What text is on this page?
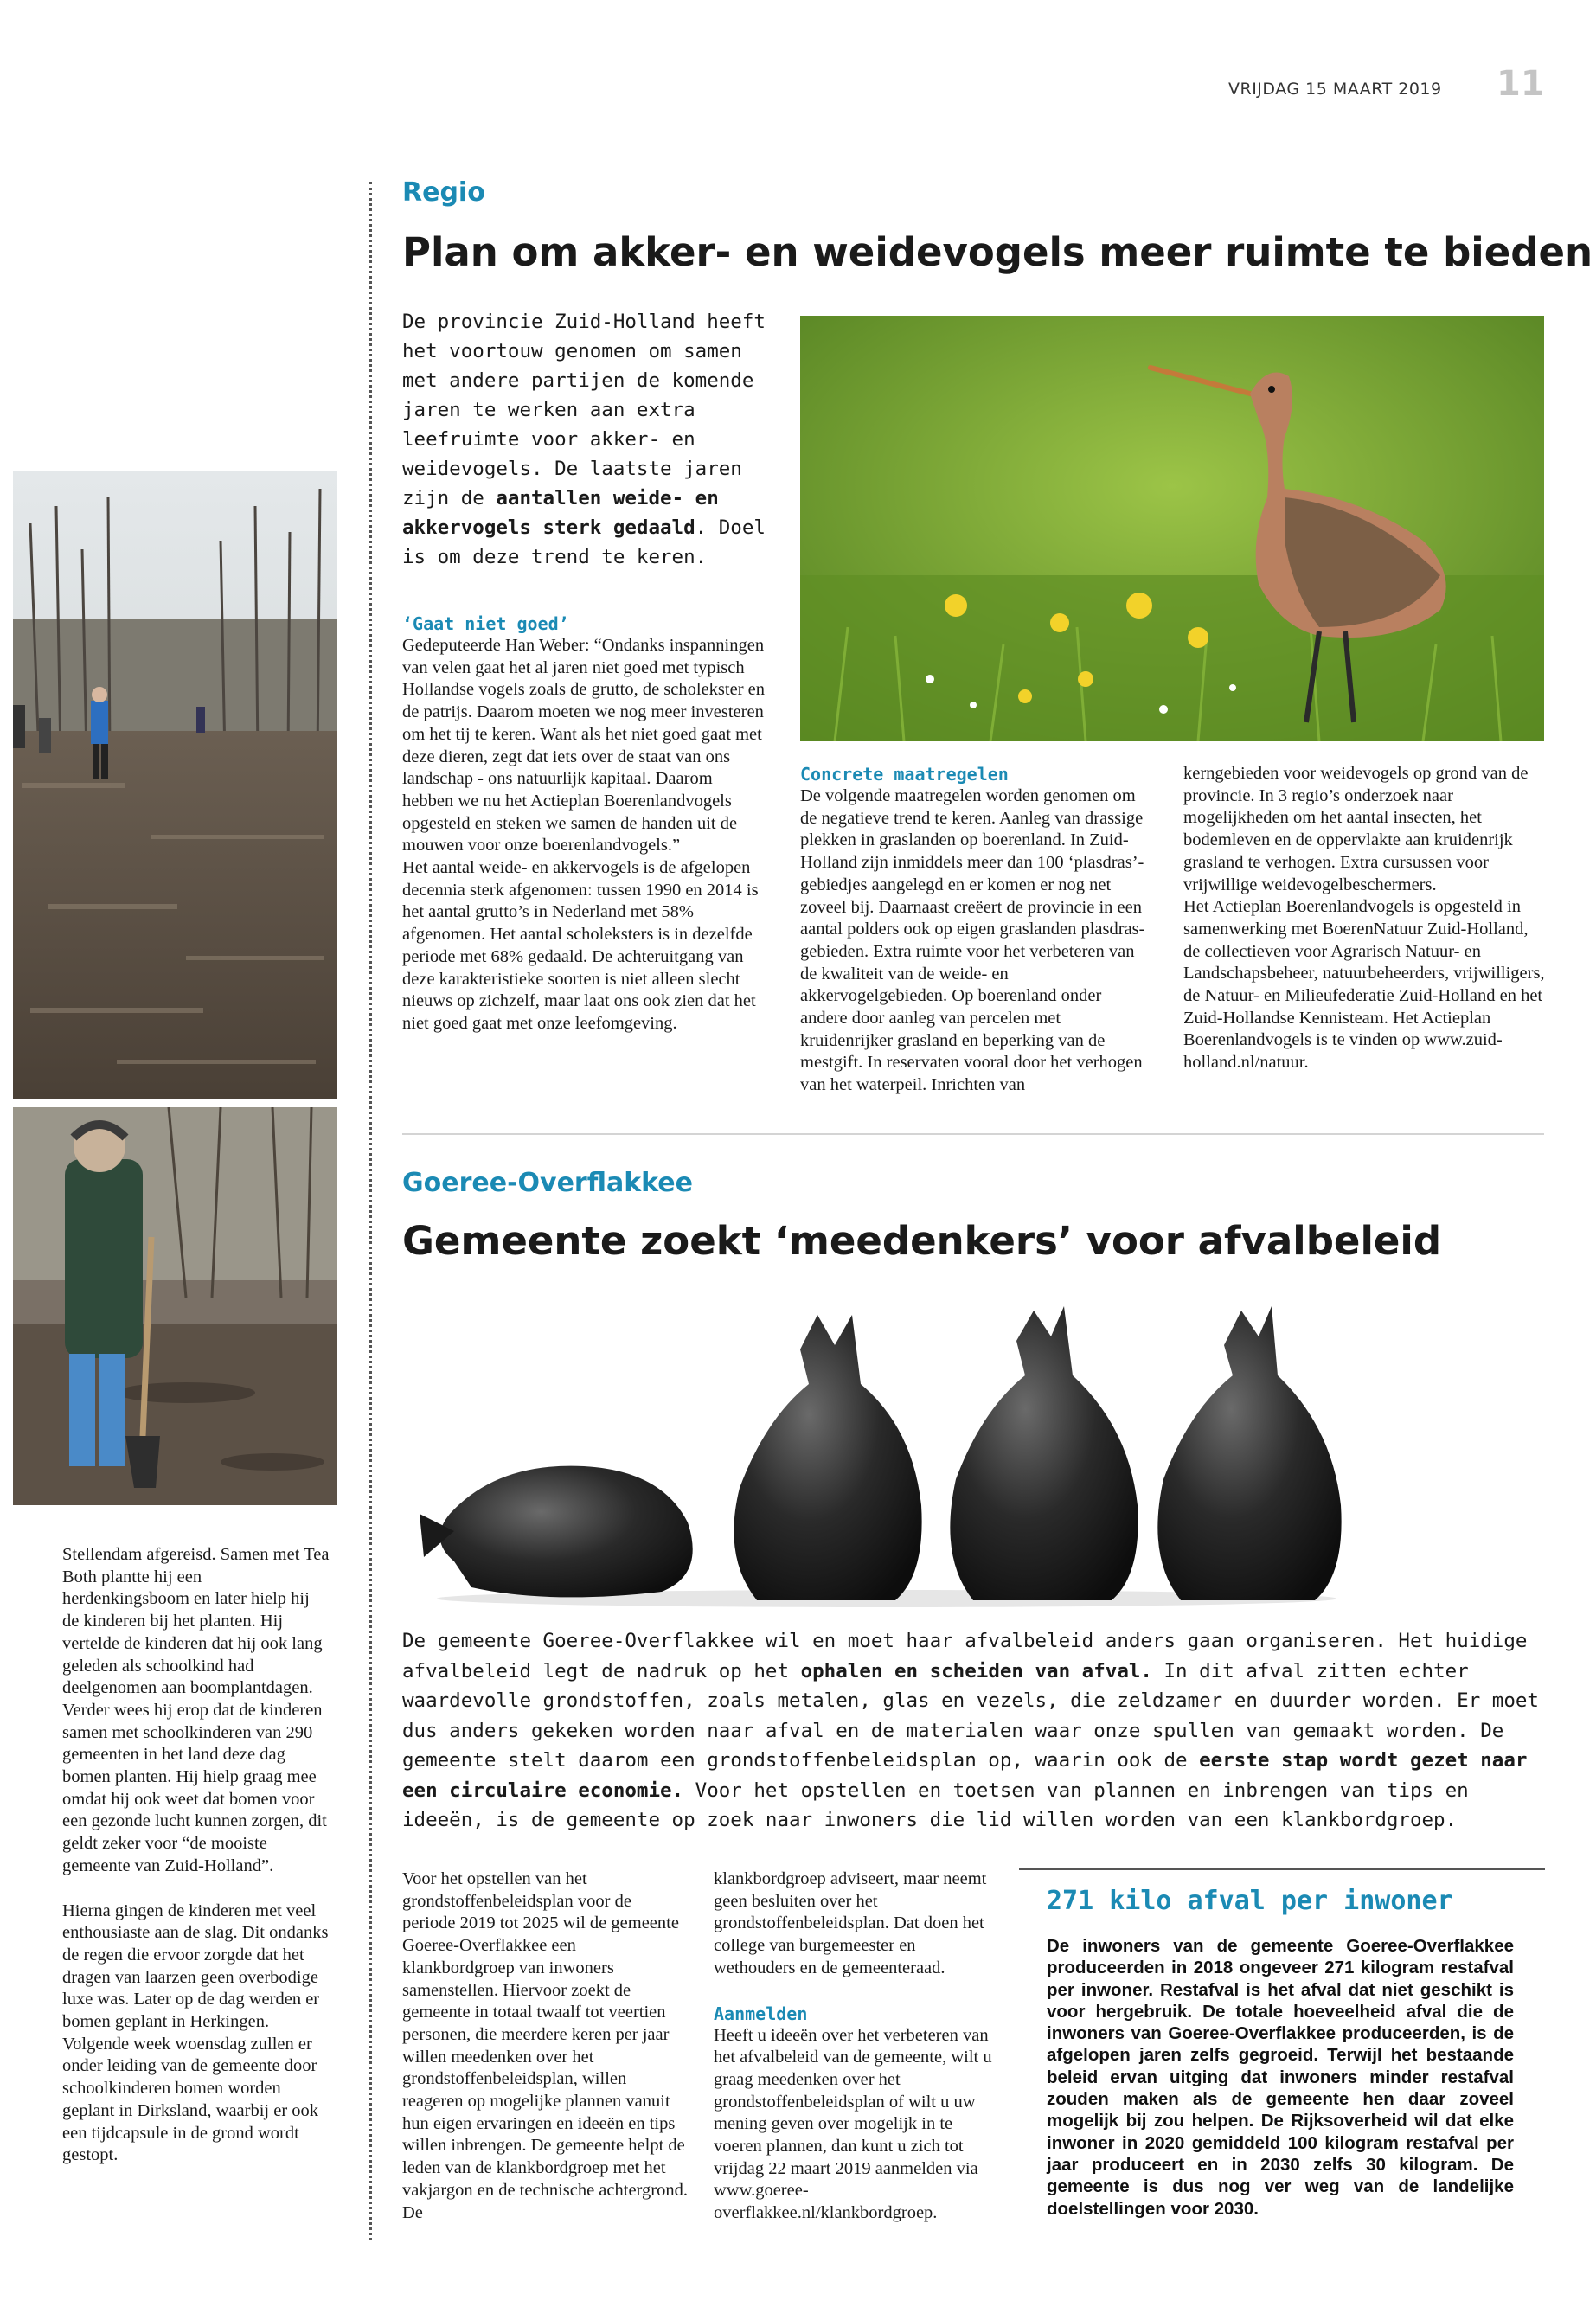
VRIJDAG 15 MAART 2019 11

Stellendam afgereisd. Samen met Tea Both plantte hij een herdenkingsboom en later hielp hij de kinderen bij het planten. Hij vertelde de kinderen dat hij ook lang geleden als schoolkind had deelgenomen aan boomplantdagen. Verder wees hij erop dat de kinderen samen met schoolkinderen van 290 gemeenten in het land deze dag bomen planten. Hij hielp graag mee omdat hij ook weet dat bomen voor een gezonde lucht kunnen zorgen, dit geldt zeker voor “de mooiste gemeente van Zuid-Holland”.

Hierna gingen de kinderen met veel enthousiaste aan de slag. Dit ondanks de regen die ervoor zorgde dat het dragen van laarzen geen overbodige luxe was. Later op de dag werden er bomen geplant in Herkingen. Volgende week woensdag zullen er onder leiding van de gemeente door schoolkinderen bomen worden geplant in Dirksland, waarbij er ook een tijdcapsule in de grond wordt gestopt.

Regio
Plan om akker- en weidevogels meer ruimte te bieden
De provincie Zuid-Holland heeft het voortouw genomen om samen met andere partijen de komende jaren te werken aan extra leefruimte voor akker- en weidevogels. De laatste jaren zijn de aantallen weide- en akkervogels sterk gedaald. Doel is om deze trend te keren.

‘Gaat niet goed’

Gedeputeerde Han Weber: “Ondanks inspanningen van velen gaat het al jaren niet goed met typisch Hollandse vogels zoals de grutto, de scholekster en de patrijs. Daarom moeten we nog meer investeren om het tij te keren. Want als het niet goed gaat met deze dieren, zegt dat iets over de staat van ons landschap - ons natuurlijk kapitaal. Daarom hebben we nu het Actieplan Boerenlandvogels opgesteld en steken we samen de handen uit de mouwen voor onze boerenlandvogels.”

Het aantal weide- en akkervogels is de afgelopen decennia sterk afgenomen: tussen 1990 en 2014 is het aantal grutto’s in Nederland met 58% afgenomen. Het aantal scholeksters is in dezelfde periode met 68% gedaald. De achteruitgang van deze karakteristieke soorten is niet alleen slecht nieuws op zichzelf, maar laat ons ook zien dat het niet goed gaat met onze leefomgeving.

Concrete maatregelen

De volgende maatregelen worden genomen om de negatieve trend te keren. Aanleg van drassige plekken in graslanden op boerenland. In Zuid-Holland zijn inmiddels meer dan 100 ‘plasdras’-gebiedjes aangelegd en er komen er nog net zoveel bij. Daarnaast creëert de provincie in een aantal polders ook op eigen graslanden plasdras-gebieden. Extra ruimte voor het verbeteren van de kwaliteit van de weide- en akkervogelgebieden. Op boerenland onder andere door aanleg van percelen met kruidenrijker grasland en beperking van de mestgift. In reservaten vooral door het verhogen van het waterpeil. Inrichten van

kerngebieden voor weidevogels op grond van de provincie. In 3 regio’s onderzoek naar mogelijkheden om het aantal insecten, het bodemleven en de oppervlakte aan kruidenrijk grasland te verhogen. Extra cursussen voor vrijwillige weidevogelbeschermers.

Het Actieplan Boerenlandvogels is opgesteld in samenwerking met BoerenNatuur Zuid-Holland, de collectieven voor Agrarisch Natuur- en Landschapsbeheer, natuurbeheerders, vrijwilligers, de Natuur- en Milieufederatie Zuid-Holland en het Zuid-Hollandse Kennisteam. Het Actieplan Boerenlandvogels is te vinden op www.zuid-holland.nl/natuur.

Goeree-Overflakkee
Gemeente zoekt ‘meedenkers’ voor afvalbeleid
De gemeente Goeree-Overflakkee wil en moet haar afvalbeleid anders gaan organiseren. Het huidige afvalbeleid legt de nadruk op het ophalen en scheiden van afval. In dit afval zitten echter waardevolle grondstoffen, zoals metalen, glas en vezels, die zeldzamer en duurder worden. Er moet dus anders gekeken worden naar afval en de materialen waar onze spullen van gemaakt worden. De gemeente stelt daarom een grondstoffenbeleidsplan op, waarin ook de eerste stap wordt gezet naar een circulaire economie. Voor het opstellen en toetsen van plannen en inbrengen van tips en ideeën, is de gemeente op zoek naar inwoners die lid willen worden van een klankbordgroep.

Voor het opstellen van het grondstoffenbeleidsplan voor de periode 2019 tot 2025 wil de gemeente Goeree-Overflakkee een klankbordgroep van inwoners samenstellen. Hiervoor zoekt de gemeente in totaal twaalf tot veertien personen, die meerdere keren per jaar willen meedenken over het grondstoffenbeleidsplan, willen reageren op mogelijke plannen vanuit hun eigen ervaringen en ideeën en tips willen inbrengen. De gemeente helpt de leden van de klankbordgroep met het vakjargon en de technische achtergrond. De

klankbordgroep adviseert, maar neemt geen besluiten over het grondstoffenbeleidsplan. Dat doen het college van burgemeester en wethouders en de gemeenteraad.

Aanmelden

Heeft u ideeën over het verbeteren van het afvalbeleid van de gemeente, wilt u graag meedenken over het grondstoffenbeleidsplan of wilt u uw mening geven over mogelijk in te voeren plannen, dan kunt u zich tot vrijdag 22 maart 2019 aanmelden via www.goeree-overflakkee.nl/klankbordgroep.

271 kilo afval per inwoner
De inwoners van de gemeente Goeree-Overflakkee produceerden in 2018 ongeveer 271 kilogram restafval per inwoner. Restafval is het afval dat niet geschikt is voor hergebruik. De totale hoeveelheid afval die de inwoners van Goeree-Overflakkee produceerden, is de afgelopen jaren zelfs gegroeid. Terwijl het bestaande beleid ervan uitging dat inwoners minder restafval zouden maken als de gemeente hen daar zoveel mogelijk bij zou helpen. De Rijksoverheid wil dat elke inwoner in 2020 gemiddeld 100 kilogram restafval per jaar produceert en in 2030 zelfs 30 kilogram. De gemeente is dus nog ver weg van de landelijke doelstellingen voor 2030.
